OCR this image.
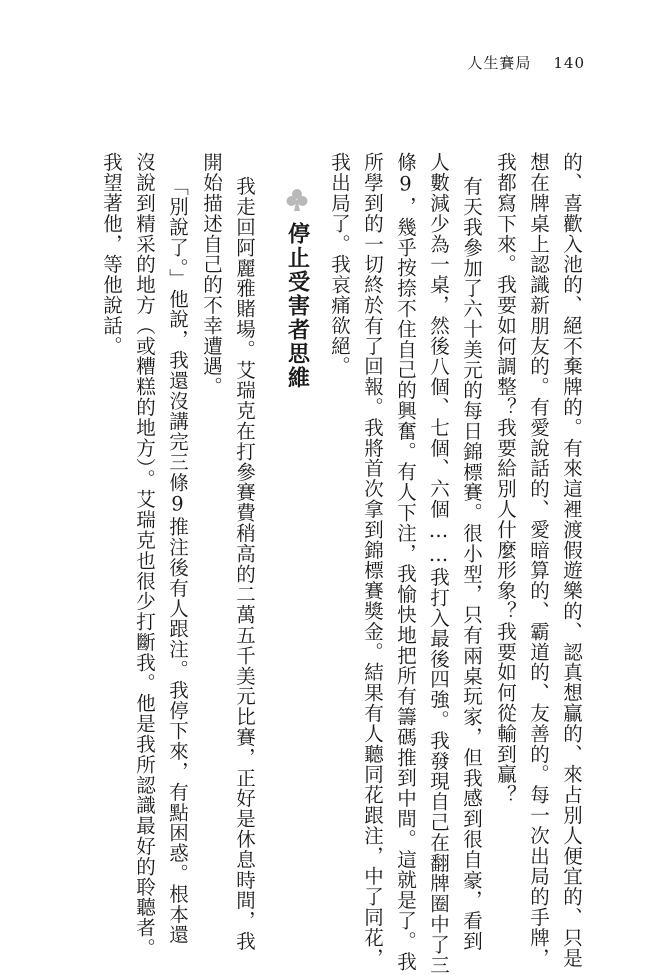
人生賽局 140
的、喜歡入池的、絕不棄牌的。有來這裡渡假遊樂的、認真想贏的、來占別人便宜的、只是
想在牌桌上認識新朋友的。有愛說話的、愛暗算的、霸道的、友善的。每一次出局的手牌，
我都寫下來。我要如何調整？我要給別人什麼形象？我要如何從輸到贏？
有天我參加了六十美元的每日錦標賽。很小型，只有兩桌玩家，但我感到很自豪，看到
人數減少為一桌，然後八個、七個、六個……我打入最後四強。我發現自己在翻牌圈中了三
條9，幾乎按捺不住自己的興奮。有人下注，我愉快地把所有籌碼推到中間。這就是了。我
所學到的一切終於有了回報。我將首次拿到錦標賽獎金。結果有人聽同花跟注，中了同花，
我出局了。我哀痛欲絕。
停止受害者思維
我走回阿麗雅賭場。艾瑞克在打參賽費稍高的二萬五千美元比賽，正好是休息時間，我
開始描述自己的不幸遭遇。
「別說了。」他說，我還沒講完三條9推注後有人跟注。我停下來，有點困惑。根本還
沒說到精采的地方（或糟糕的地方）。艾瑞克也很少打斷我。他是我所認識最好的聆聽者。
我望著他，等他說話。
